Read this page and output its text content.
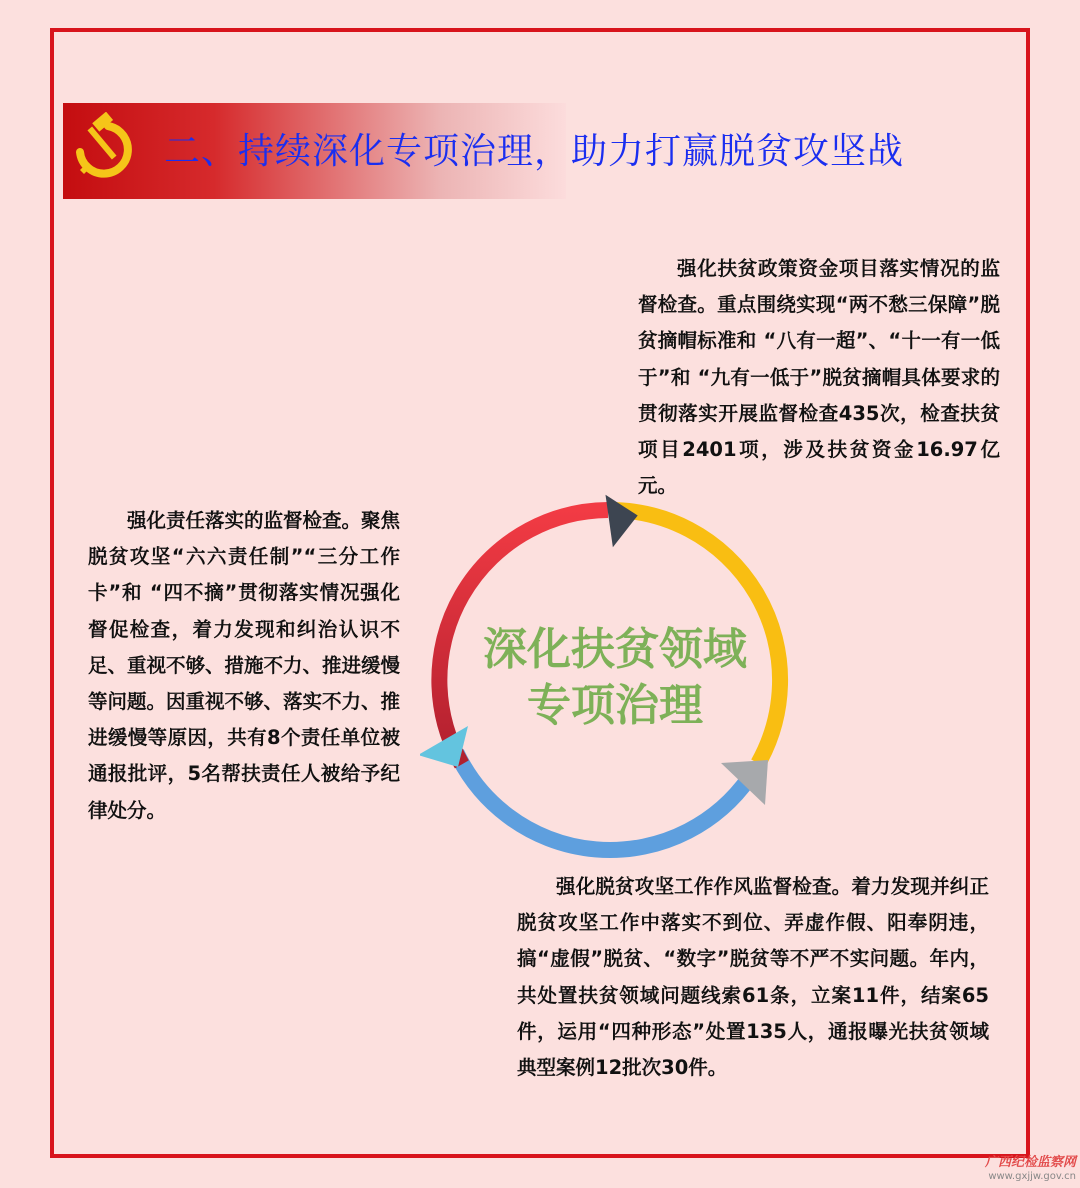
二、持续深化专项治理，助力打赢脱贫攻坚战

强化扶贫政策资金项目落实情况的监督检查。重点围绕实现“两不愁三保障”脱贫摘帽标准和 “八有一超”、“十一有一低于”和 “九有一低于”脱贫摘帽具体要求的贯彻落实开展监督检查435次，检查扶贫项目2401项，涉及扶贫资金16.97亿元。

强化责任落实的监督检查。聚焦脱贫攻坚“六六责任制”“三分工作卡”和 “四不摘”贯彻落实情况强化督促检查，着力发现和纠治认识不足、重视不够、措施不力、推进缓慢等问题。因重视不够、落实不力、推进缓慢等原因，共有8个责任单位被通报批评，5名帮扶责任人被给予纪律处分。

强化脱贫攻坚工作作风监督检查。着力发现并纠正脱贫攻坚工作中落实不到位、弄虚作假、阳奉阴违，搞“虚假”脱贫、“数字”脱贫等不严不实问题。年内，共处置扶贫领域问题线索61条，立案11件，结案65件，运用“四种形态”处置135人，通报曝光扶贫领域典型案例12批次30件。

深化扶贫领域
专项治理
广西纪检监察网
www.gxjjw.gov.cn
